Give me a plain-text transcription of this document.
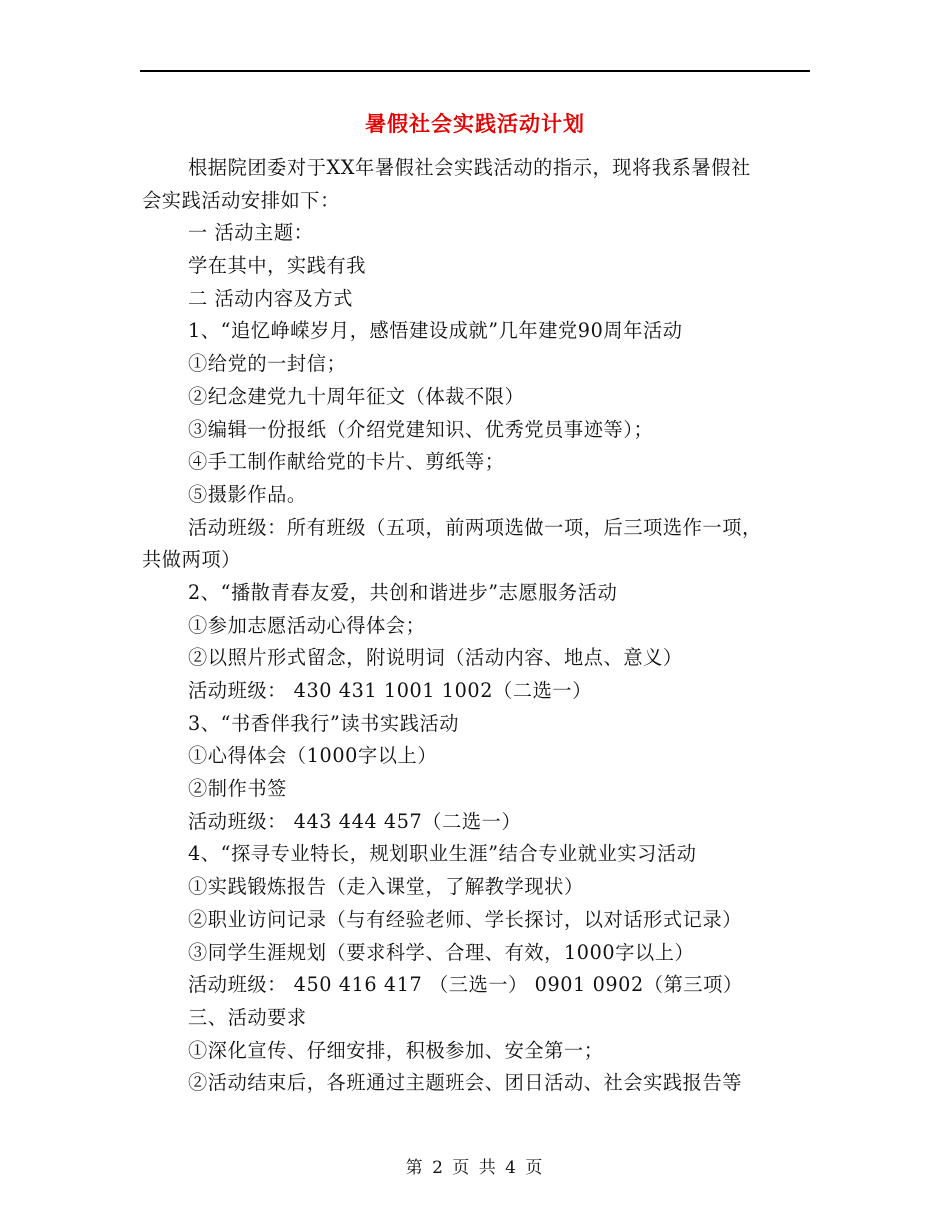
暑假社会实践活动计划
根据院团委对于XX年暑假社会实践活动的指示，现将我系暑假社
会实践活动安排如下：
一 活动主题：
学在其中，实践有我
二 活动内容及方式
1、“追忆峥嵘岁月，感悟建设成就”几年建党90周年活动
①给党的一封信；
②纪念建党九十周年征文（体裁不限）
③编辑一份报纸（介绍党建知识、优秀党员事迹等）；
④手工制作献给党的卡片、剪纸等；
⑤摄影作品。
活动班级：所有班级（五项，前两项选做一项，后三项选作一项，
共做两项）
2、“播散青春友爱，共创和谐进步”志愿服务活动
①参加志愿活动心得体会；
②以照片形式留念，附说明词（活动内容、地点、意义）
活动班级： 430 431 1001 1002（二选一）
3、“书香伴我行”读书实践活动
①心得体会（1000字以上）
②制作书签
活动班级： 443 444 457（二选一）
4、“探寻专业特长，规划职业生涯”结合专业就业实习活动
①实践锻炼报告（走入课堂，了解教学现状）
②职业访问记录（与有经验老师、学长探讨，以对话形式记录）
③同学生涯规划（要求科学、合理、有效，1000字以上）
活动班级： 450 416 417 （三选一） 0901 0902（第三项）
三、活动要求
①深化宣传、仔细安排，积极参加、安全第一；
②活动结束后，各班通过主题班会、团日活动、社会实践报告等
第 2 页 共 4 页
